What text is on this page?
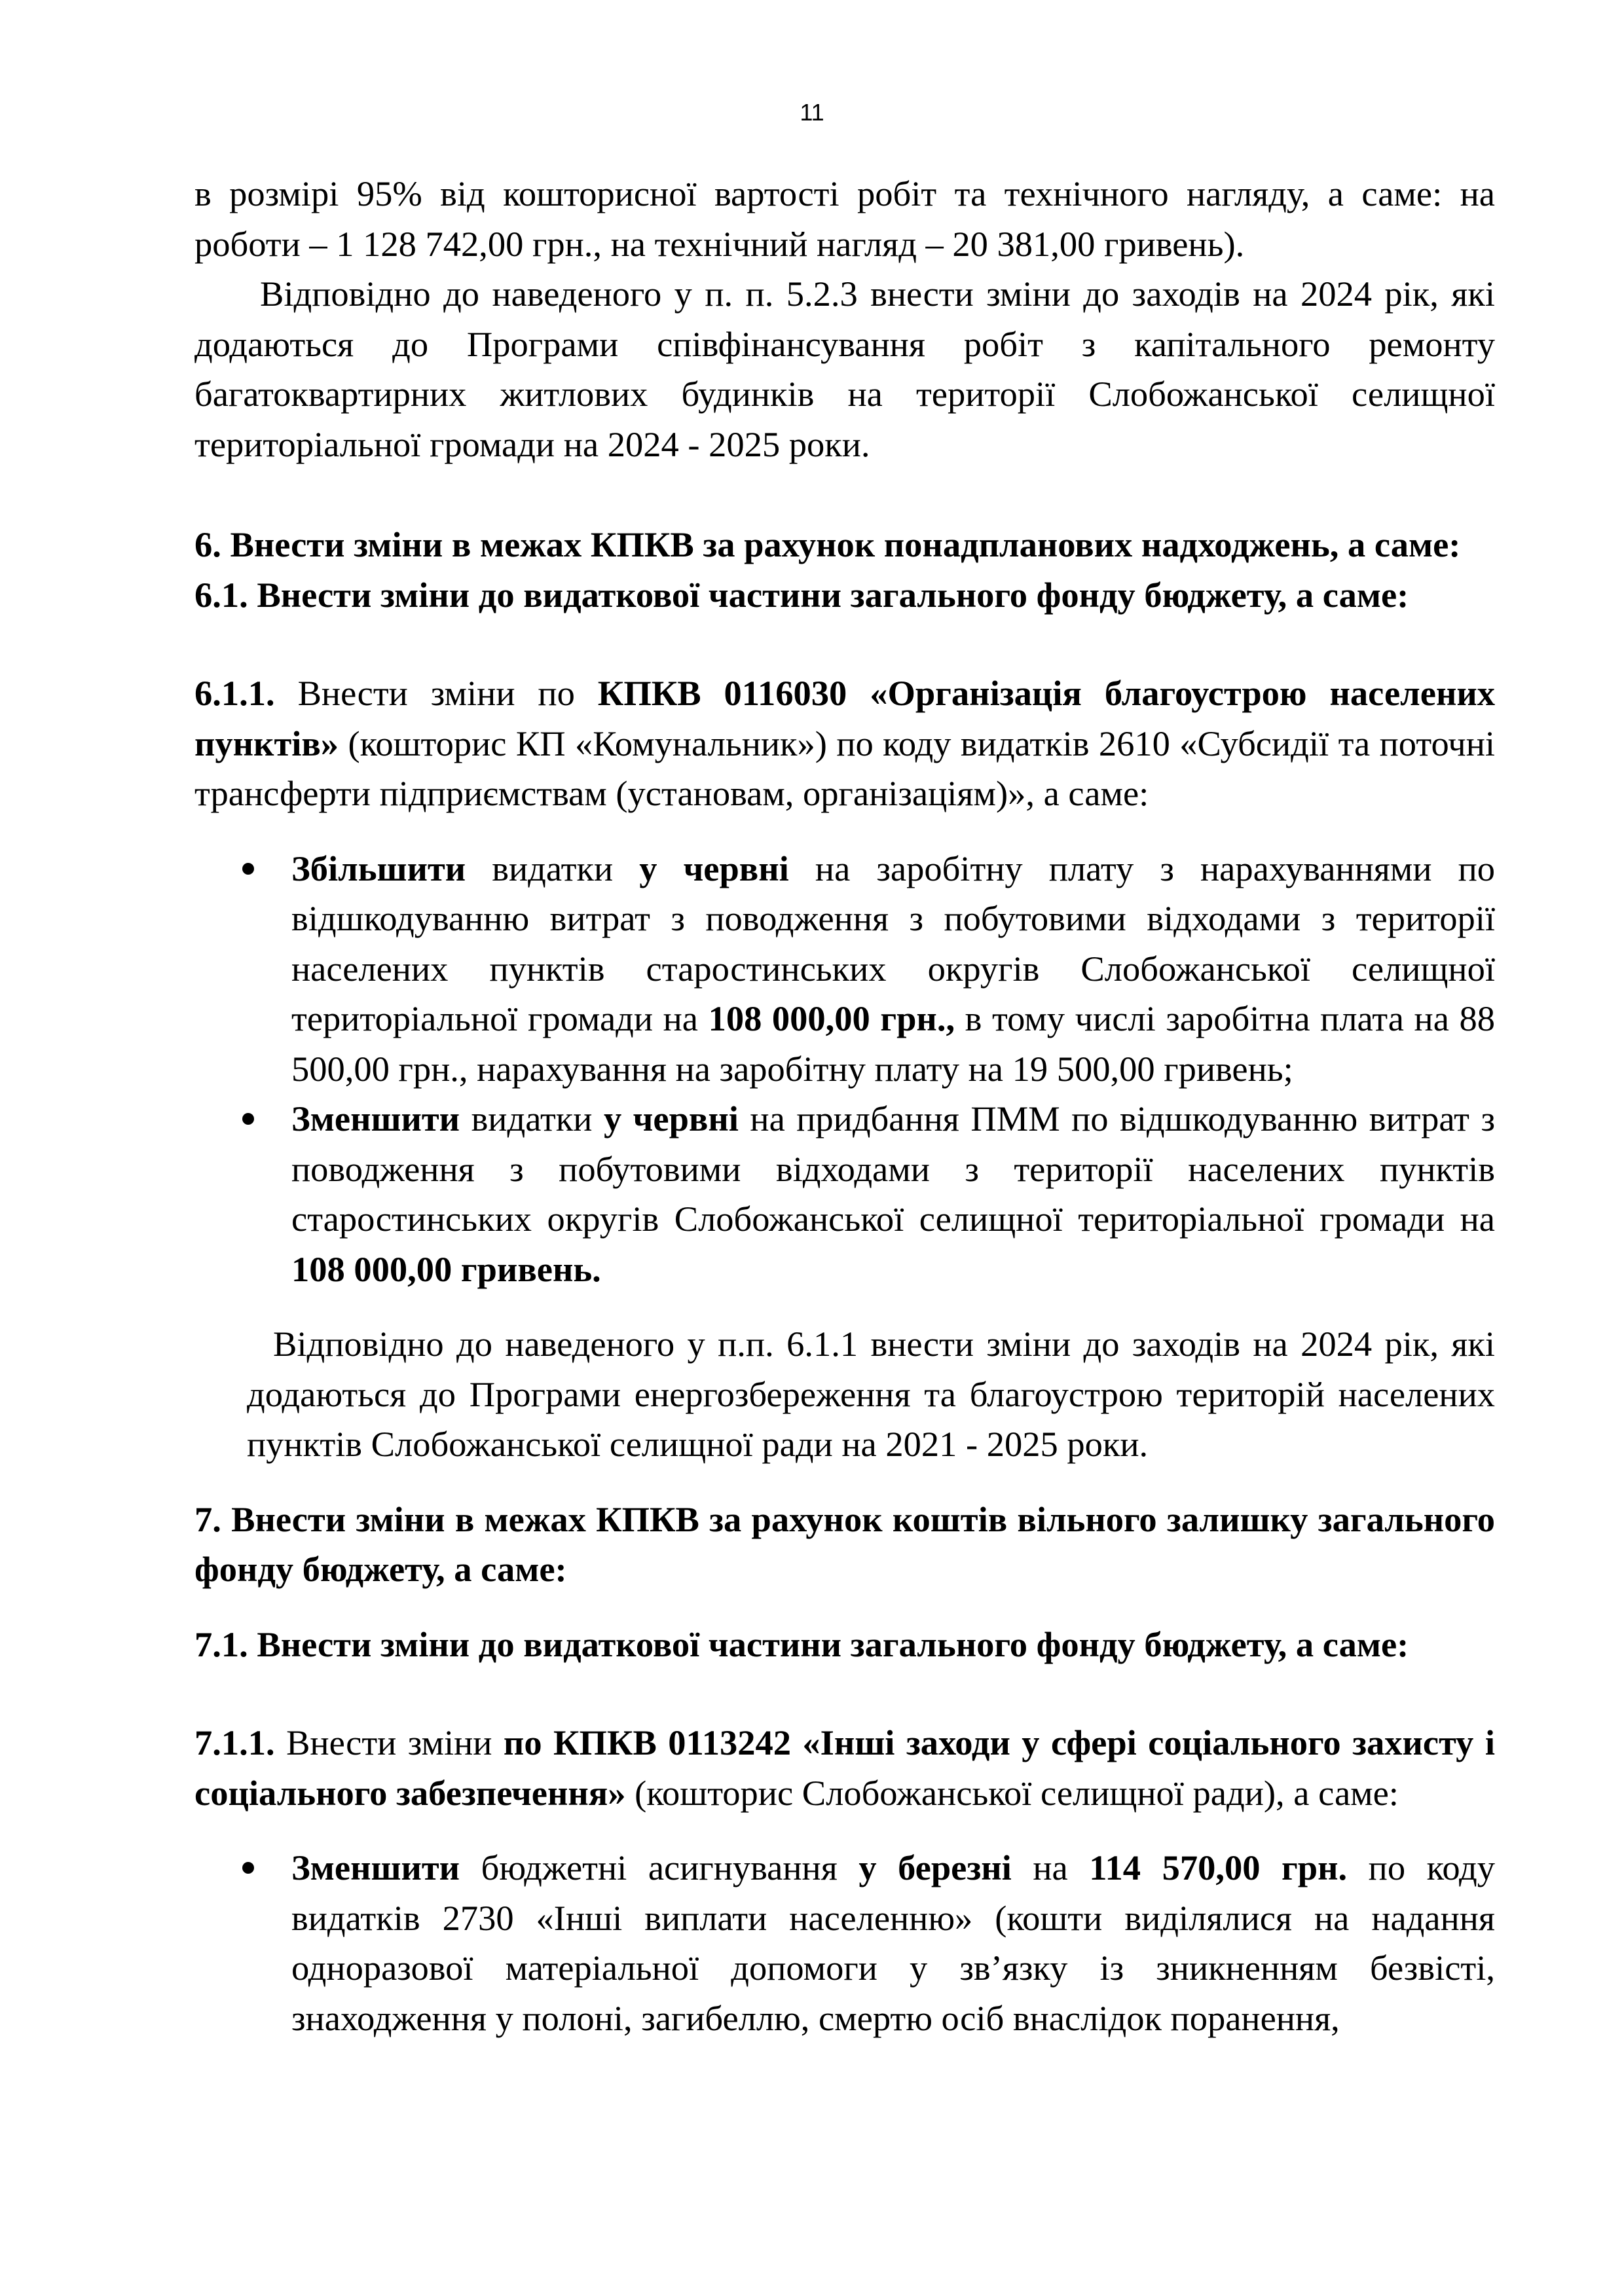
11

в розмірі 95% від кошторисної вартості робіт та технічного нагляду, а саме: на роботи – 1 128 742,00 грн., на технічний нагляд – 20 381,00 гривень).

Відповідно до наведеного у п. п. 5.2.3 внести зміни до заходів на 2024 рік, які додаються до Програми співфінансування робіт з капітального ремонту багатоквартирних житлових будинків на території Слобожанської селищної територіальної громади на 2024 - 2025 роки.

6. Внести зміни в межах КПКВ за рахунок понадпланових надходжень, а саме:

6.1. Внести зміни до видаткової частини загального фонду бюджету, а саме:

6.1.1. Внести зміни по КПКВ 0116030 «Організація благоустрою населених пунктів» (кошторис КП «Комунальник») по коду видатків 2610 «Субсидії та поточні трансферти підприємствам (установам, організаціям)», а саме:

Збільшити видатки у червні на заробітну плату з нарахуваннями по відшкодуванню витрат з поводження з побутовими відходами з території населених пунктів старостинських округів Слобожанської селищної територіальної громади на 108 000,00 грн., в тому числі заробітна плата на 88 500,00 грн., нарахування на заробітну плату на 19 500,00 гривень;
Зменшити видатки у червні на придбання ПММ по відшкодуванню витрат з поводження з побутовими відходами з території населених пунктів старостинських округів Слобожанської селищної територіальної громади на 108 000,00 гривень.

Відповідно до наведеного у п.п. 6.1.1 внести зміни до заходів на 2024 рік, які додаються до Програми енергозбереження та благоустрою територій населених пунктів Слобожанської селищної ради на 2021 - 2025 роки.

7. Внести зміни в межах КПКВ за рахунок коштів вільного залишку загального фонду бюджету, а саме:

7.1. Внести зміни до видаткової частини загального фонду бюджету, а саме:

7.1.1. Внести зміни по КПКВ 0113242 «Інші заходи у сфері соціального захисту і соціального забезпечення» (кошторис Слобожанської селищної ради), а саме:

Зменшити бюджетні асигнування у березні на 114 570,00 грн. по коду видатків 2730 «Інші виплати населенню» (кошти виділялися на надання одноразової матеріальної допомоги у зв’язку із зникненням безвісті, знаходження у полоні, загибеллю, смертю осіб внаслідок поранення,
